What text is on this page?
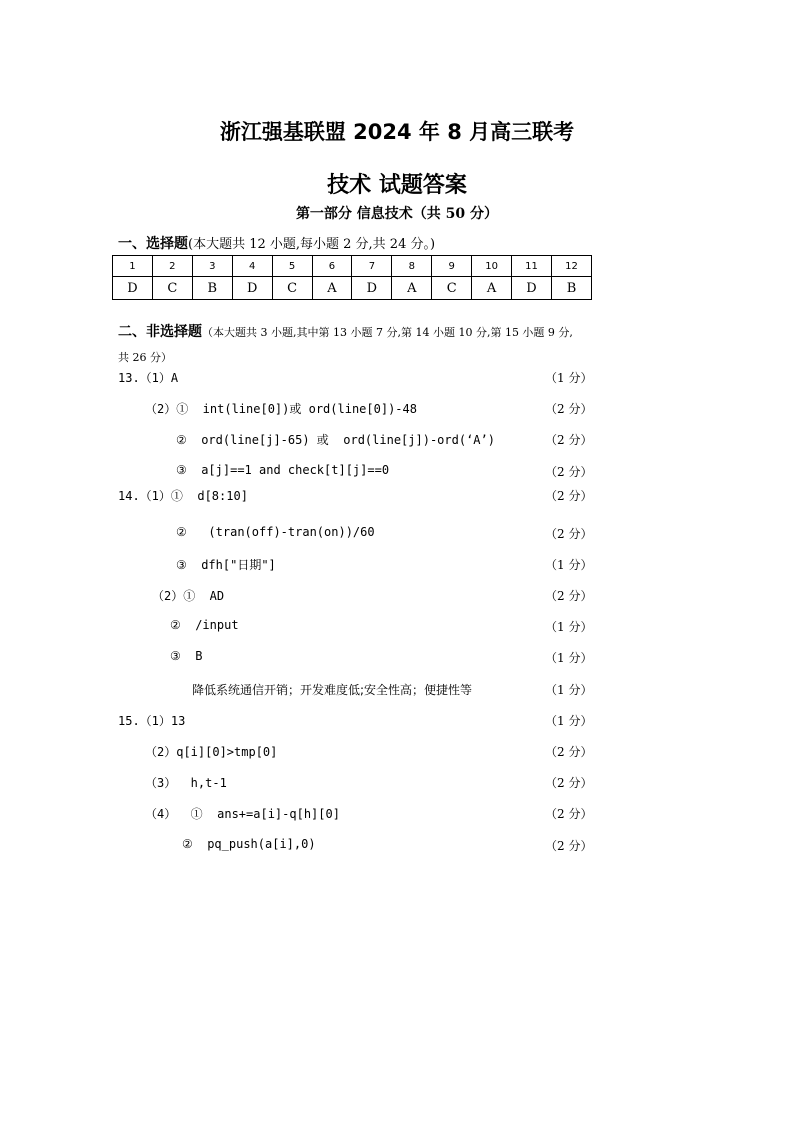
浙江强基联盟 2024 年 8 月高三联考
技术 试题答案
第一部分 信息技术（共 50 分）
一、选择题(本大题共 12 小题,每小题 2 分,共 24 分。)
1	2	3	4	5	6	7	8	9	10	11	12
D	C	B	D	C	A	D	A	C	A	D	B
二、非选择题（本大题共 3 小题,其中第 13 小题 7 分,第 14 小题 10 分,第 15 小题 9 分,
共 26 分）
13.（1）A	（1 分）
（2）①  int(line[0])或 ord(line[0])-48	（2 分）
②  ord(line[j]-65) 或  ord(line[j])-ord(‘A’)	（2 分）
③  a[j]==1 and check[t][j]==0	（2 分）
14.（1）①  d[8:10]	（2 分）
②   (tran(off)-tran(on))/60	（2 分）
③  dfh["日期"]	（1 分）
（2）①  AD	（2 分）
②  /input	（1 分）
③  B	（1 分）
降低系统通信开销；开发难度低;安全性高；便捷性等	（1 分）
15.（1）13	（1 分）
（2）q[i][0]>tmp[0]	（2 分）
（3）  h,t-1	（2 分）
（4）  ①  ans+=a[i]-q[h][0]	（2 分）
②  pq_push(a[i],0)	（2 分）
